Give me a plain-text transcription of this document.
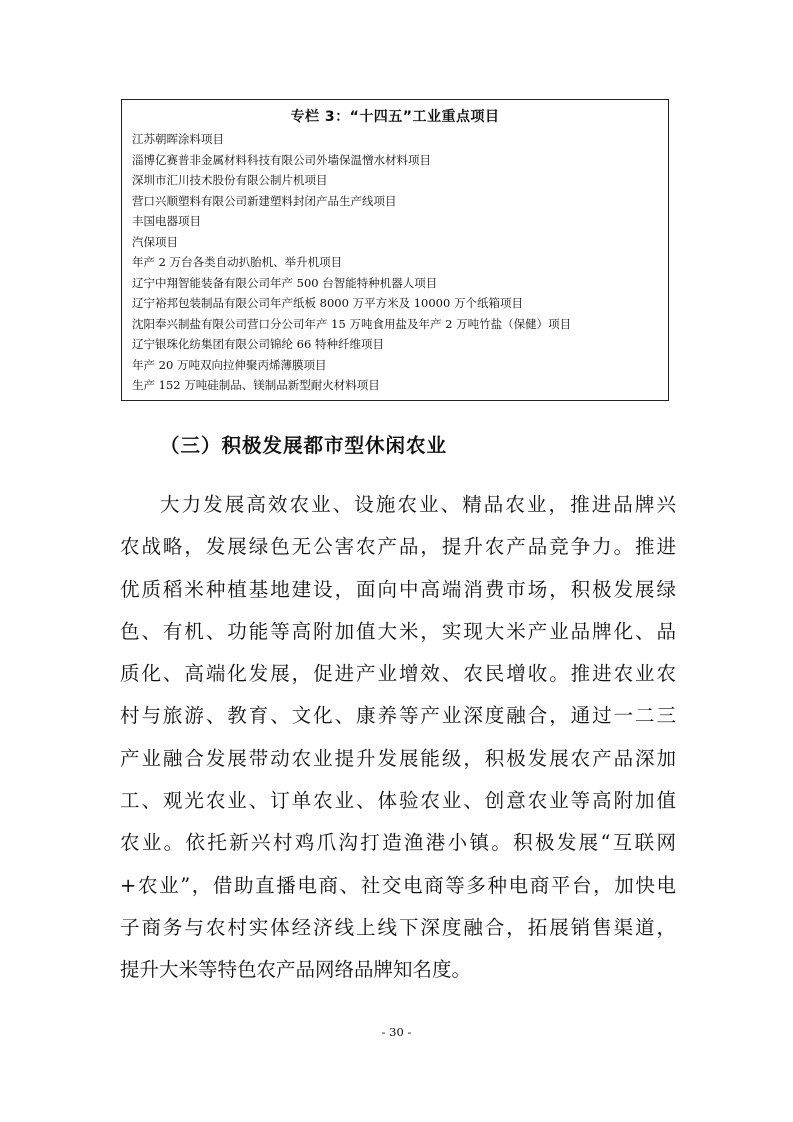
专栏 3：“十四五”工业重点项目
江苏朝晖涂料项目
淄博亿赛普非金属材料科技有限公司外墙保温憎水材料项目
深圳市汇川技术股份有限公制片机项目
营口兴顺塑料有限公司新建塑料封闭产品生产线项目
丰国电器项目
汽保项目
年产 2 万台各类自动扒胎机、举升机项目
辽宁中翔智能装备有限公司年产 500 台智能特种机器人项目
辽宁裕邦包装制品有限公司年产纸板 8000 万平方米及 10000 万个纸箱项目
沈阳奉兴制盐有限公司营口分公司年产 15 万吨食用盐及年产 2 万吨竹盐（保健）项目
辽宁银珠化纺集团有限公司锦纶 66 特种纤维项目
年产 20 万吨双向拉伸聚丙烯薄膜项目
生产 152 万吨硅制品、镁制品新型耐火材料项目
（三）积极发展都市型休闲农业
大力发展高效农业、设施农业、精品农业，推进品牌兴
农战略，发展绿色无公害农产品，提升农产品竞争力。推进
优质稻米种植基地建设，面向中高端消费市场，积极发展绿
色、有机、功能等高附加值大米，实现大米产业品牌化、品
质化、高端化发展，促进产业增效、农民增收。推进农业农
村与旅游、教育、文化、康养等产业深度融合，通过一二三
产业融合发展带动农业提升发展能级，积极发展农产品深加
工、观光农业、订单农业、体验农业、创意农业等高附加值
农业。依托新兴村鸡爪沟打造渔港小镇。积极发展“互联网
+农业”，借助直播电商、社交电商等多种电商平台，加快电
子商务与农村实体经济线上线下深度融合，拓展销售渠道，
提升大米等特色农产品网络品牌知名度。
- 30 -
